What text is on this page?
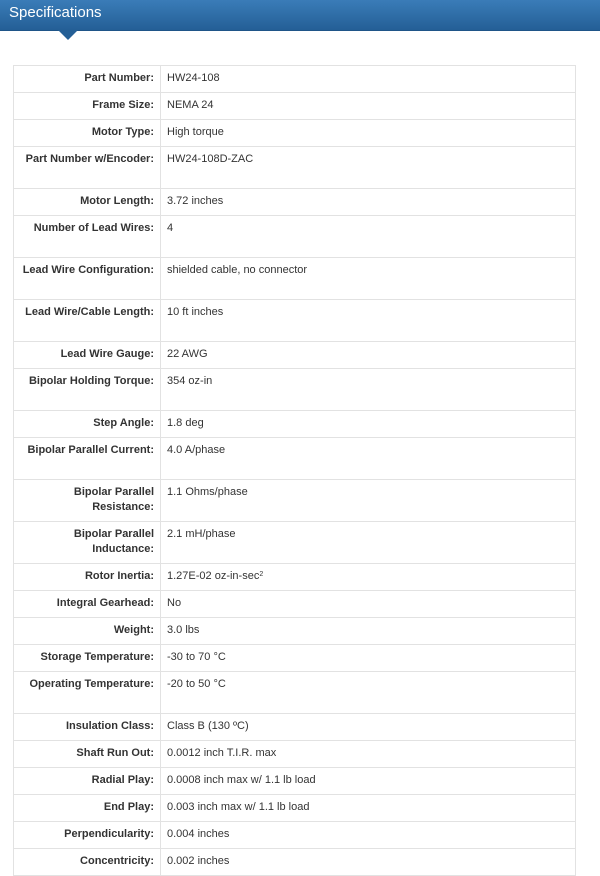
Specifications
Part Number:	HW24-108
Frame Size:	NEMA 24
Motor Type:	High torque
Part Number w/Encoder:	HW24-108D-ZAC
Motor Length:	3.72 inches
Number of Lead Wires:	4
Lead Wire Configuration:	shielded cable, no connector
Lead Wire/Cable Length:	10 ft inches
Lead Wire Gauge:	22 AWG
Bipolar Holding Torque:	354 oz-in
Step Angle:	1.8 deg
Bipolar Parallel Current:	4.0 A/phase
Bipolar Parallel Resistance:	1.1 Ohms/phase
Bipolar Parallel Inductance:	2.1 mH/phase
Rotor Inertia:	1.27E-02 $oz-in-\sec^2$
Integral Gearhead:	No
Weight:	3.0 lbs
Storage Temperature:	-30 to 70 °C
Operating Temperature:	-20 to 50 °C
Insulation Class:	Class B (130 ºC)
Shaft Run Out:	0.0012 inch T.I.R. max
Radial Play:	0.0008 inch max w/ 1.1 lb load
End Play:	0.003 inch max w/ 1.1 lb load
Perpendicularity:	0.004 inches
Concentricity:	0.002 inches
